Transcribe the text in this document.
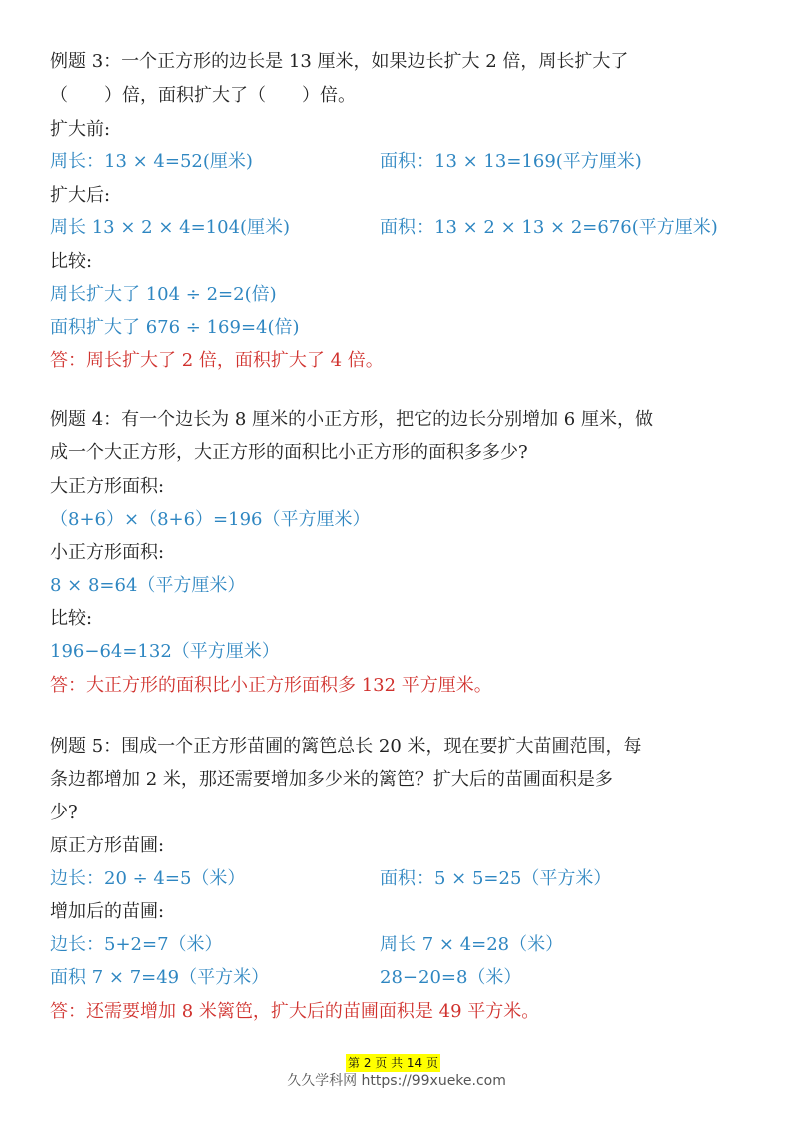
例题 3：一个正方形的边长是 13 厘米，如果边长扩大 2 倍，周长扩大了
（　　）倍，面积扩大了（　　）倍。
扩大前:
周长：13 × 4=52(厘米)	面积：13 × 13=169(平方厘米)
扩大后:
周长 13 × 2 × 4=104(厘米)	面积：13 × 2 × 13 × 2=676(平方厘米)
比较:
周长扩大了 104 ÷ 2=2(倍)
面积扩大了 676 ÷ 169=4(倍)
答：周长扩大了 2 倍，面积扩大了 4 倍。
例题 4：有一个边长为 8 厘米的小正方形，把它的边长分别增加 6 厘米，做
成一个大正方形，大正方形的面积比小正方形的面积多多少?
大正方形面积:
（8+6）×（8+6）=196（平方厘米）
小正方形面积:
8 × 8=64（平方厘米）
比较:
196−64=132（平方厘米）
答：大正方形的面积比小正方形面积多 132 平方厘米。
例题 5：围成一个正方形苗圃的篱笆总长 20 米，现在要扩大苗圃范围，每
条边都增加 2 米，那还需要增加多少米的篱笆？扩大后的苗圃面积是多
少?
原正方形苗圃:
边长：20 ÷ 4=5（米）	面积：5 × 5=25（平方米）
增加后的苗圃:
边长：5+2=7（米）	周长 7 × 4=28（米）
面积 7 × 7=49（平方米）	28−20=8（米）
答：还需要增加 8 米篱笆，扩大后的苗圃面积是 49 平方米。
第 2 页 共 14 页
久久学科网 https://99xueke.com
